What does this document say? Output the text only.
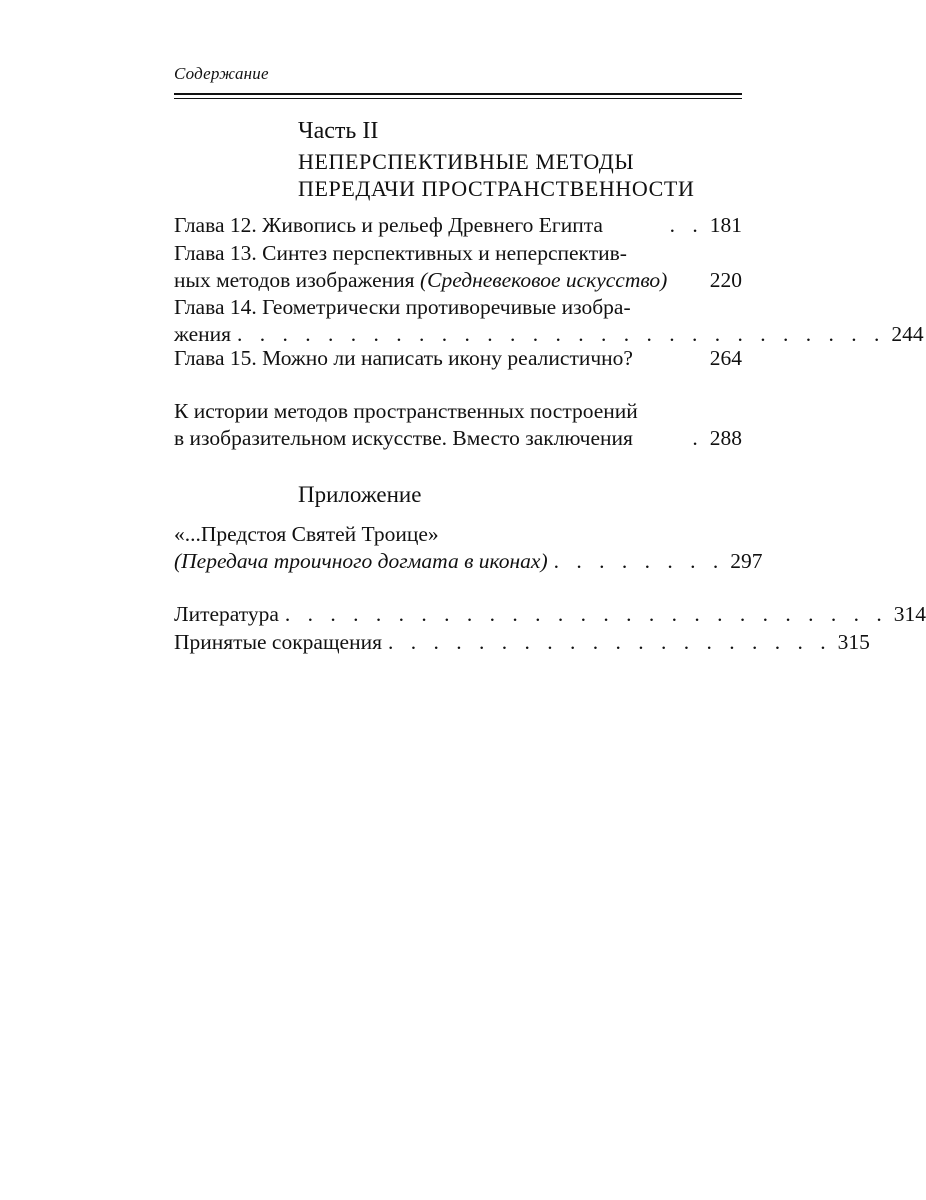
Содержание
Часть II
НЕПЕРСПЕКТИВНЫЕ МЕТОДЫ
ПЕРЕДАЧИ ПРОСТРАНСТВЕННОСТИ
Глава 12. Живопись и рельеф Древнего Египта	. . 181
Глава 13. Синтез перспективных и неперспектив-
ных методов изображения (Средневековое искусство) 220
Глава 14. Геометрически противоречивые изобра-
жения . . . . . . . . . . . . . . . . . . . . . . . . . . . . . 244
Глава 15. Можно ли написать икону реалистично?	264
К истории методов пространственных построений
в изобразительном искусстве. Вместо заключения	. 288
Приложение
«...Предстоя Святей Троице»
(Передача троичного догмата в иконах) . . . . . . . . 297
Литература . . . . . . . . . . . . . . . . . . . . . . . . . . . 314
Принятые сокращения . . . . . . . . . . . . . . . . . . . . 315
